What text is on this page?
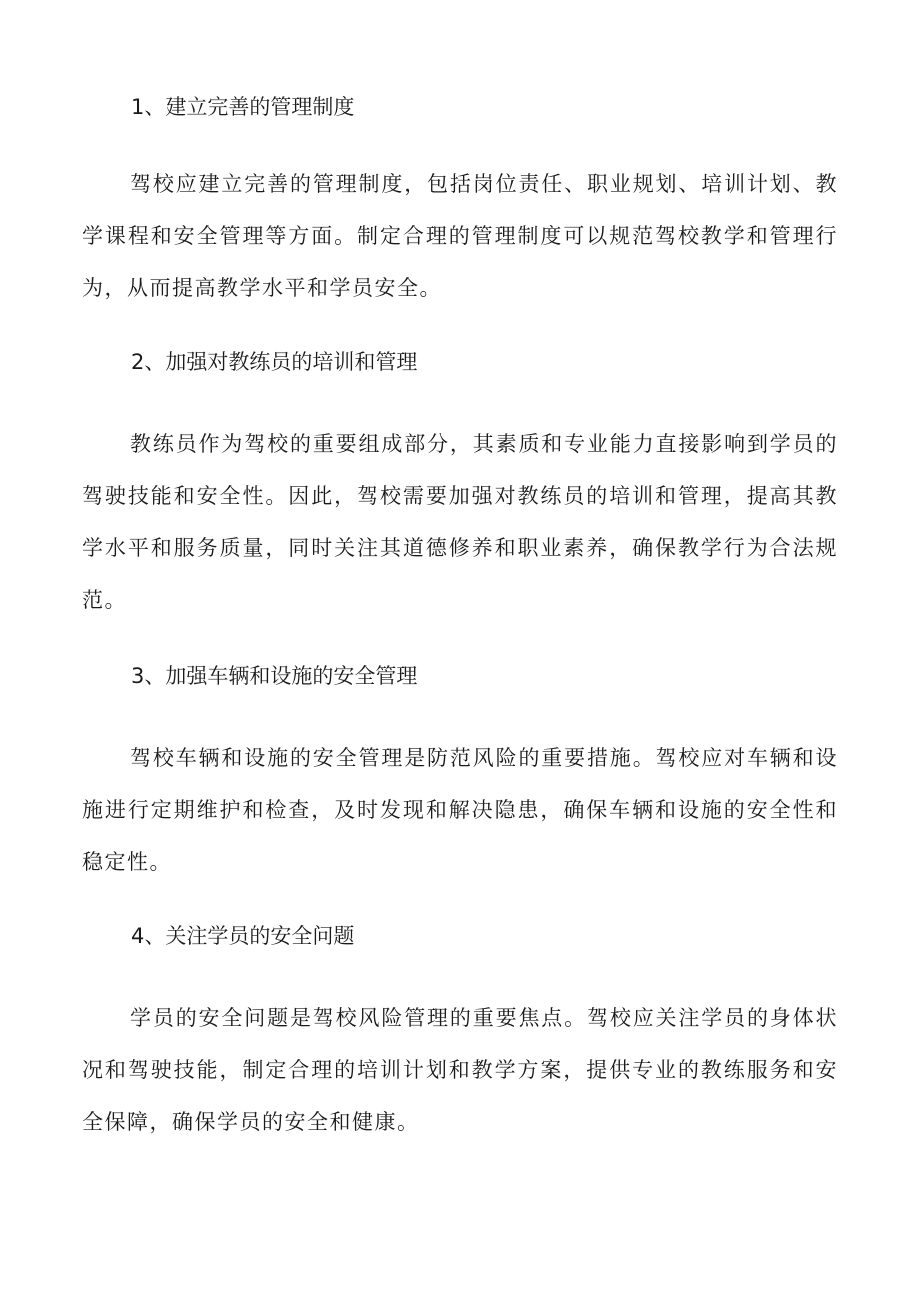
1、建立完善的管理制度

驾校应建立完善的管理制度，包括岗位责任、职业规划、培训计划、教学课程和安全管理等方面。制定合理的管理制度可以规范驾校教学和管理行为，从而提高教学水平和学员安全。

2、加强对教练员的培训和管理

教练员作为驾校的重要组成部分，其素质和专业能力直接影响到学员的驾驶技能和安全性。因此，驾校需要加强对教练员的培训和管理，提高其教学水平和服务质量，同时关注其道德修养和职业素养，确保教学行为合法规范。

3、加强车辆和设施的安全管理

驾校车辆和设施的安全管理是防范风险的重要措施。驾校应对车辆和设施进行定期维护和检查，及时发现和解决隐患，确保车辆和设施的安全性和稳定性。

4、关注学员的安全问题

学员的安全问题是驾校风险管理的重要焦点。驾校应关注学员的身体状况和驾驶技能，制定合理的培训计划和教学方案，提供专业的教练服务和安全保障，确保学员的安全和健康。
